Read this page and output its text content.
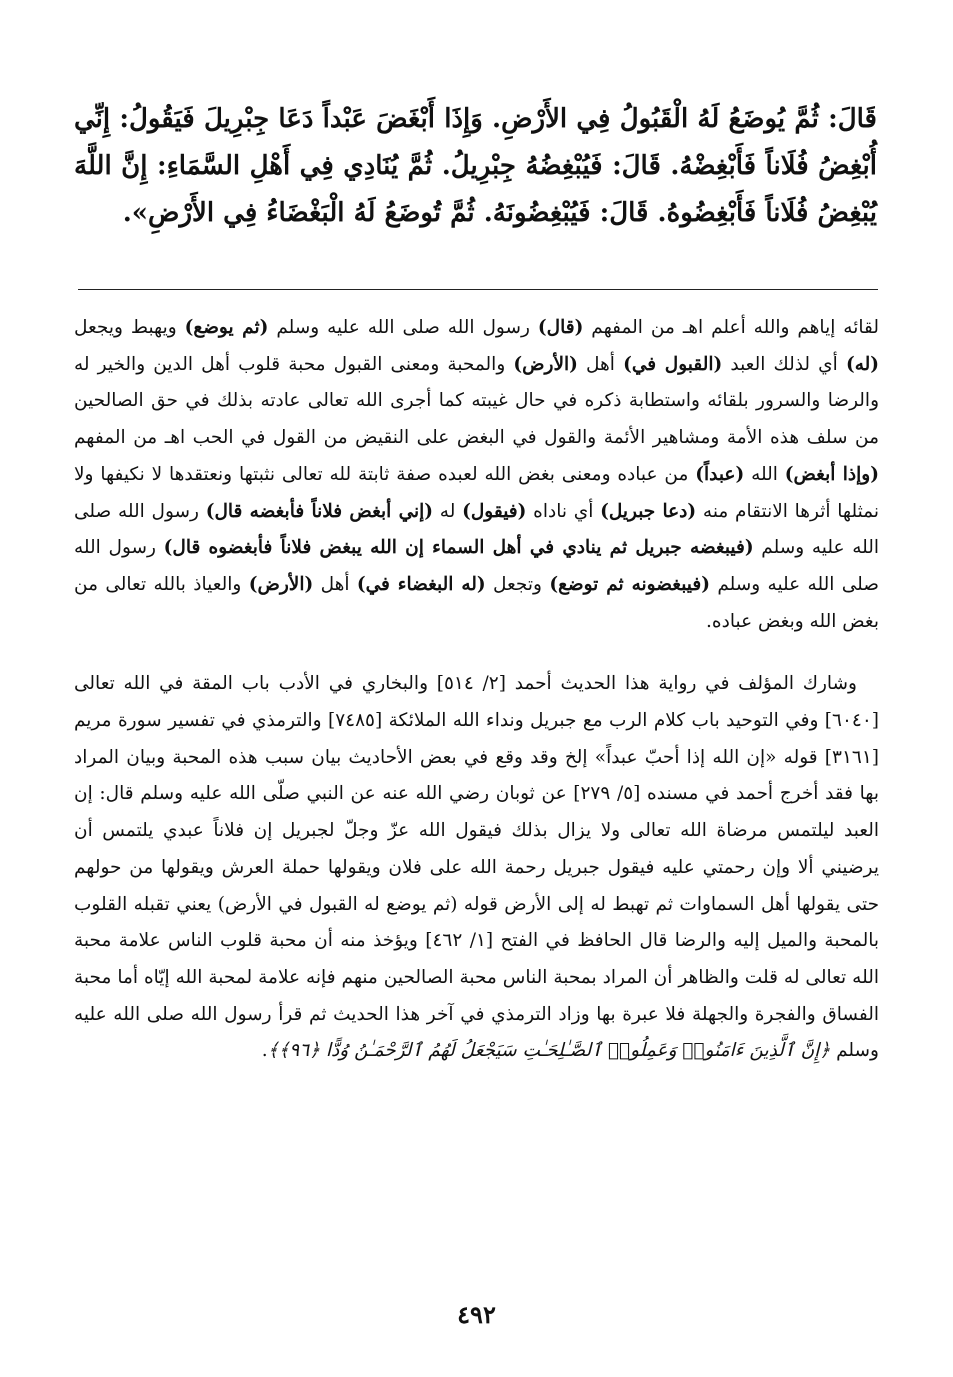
قَالَ: ثُمَّ يُوضَعُ لَهُ الْقَبُولُ فِي الأَرْضِ. وَإِذَا أَبْغَضَ عَبْداً دَعَا جِبْرِيلَ فَيَقُولُ: إِنِّي أُبْغِضُ فُلَاناً فَأَبْغِضْهُ. قَالَ: فَيُبْغِضُهُ جِبْرِيلُ. ثُمَّ يُنَادِي فِي أَهْلِ السَّمَاءِ: إِنَّ اللَّهَ يُبْغِضُ فُلَاناً فَأَبْغِضُوهُ. قَالَ: فَيُبْغِضُونَهُ. ثُمَّ تُوضَعُ لَهُ الْبَغْضَاءُ فِي الأَرْضِ».

لقائه إياهم والله أعلم اهـ من المفهم (قال) رسول الله صلى الله عليه وسلم (ثم يوضع) ويهبط ويجعل (له) أي لذلك العبد (القبول في) أهل (الأرض) والمحبة ومعنى القبول محبة قلوب أهل الدين والخير له والرضا والسرور بلقائه واستطابة ذكره في حال غيبته كما أجرى الله تعالى عادته بذلك في حق الصالحين من سلف هذه الأمة ومشاهير الأئمة والقول في البغض على النقيض من القول في الحب اهـ من المفهم (وإذا أبغض) الله (عبداً) من عباده ومعنى بغض الله لعبده صفة ثابتة لله تعالى نثبتها ونعتقدها لا نكيفها ولا نمثلها أثرها الانتقام منه (دعا جبريل) أي ناداه (فيقول) له (إني أبغض فلاناً فأبغضه قال) رسول الله صلى الله عليه وسلم (فيبغضه جبريل ثم ينادي في أهل السماء إن الله يبغض فلاناً فأبغضوه قال) رسول الله صلى الله عليه وسلم (فيبغضونه ثم توضع) وتجعل (له البغضاء في) أهل (الأرض) والعياذ بالله تعالى من بغض الله وبغض عباده.

وشارك المؤلف في رواية هذا الحديث أحمد [٢/ ٥١٤] والبخاري في الأدب باب المقة في الله تعالى [٦٠٤٠] وفي التوحيد باب كلام الرب مع جبريل ونداء الله الملائكة [٧٤٨٥] والترمذي في تفسير سورة مريم [٣١٦١] قوله «إن الله إذا أحبّ عبداً» إلخ وقد وقع في بعض الأحاديث بيان سبب هذه المحبة وبيان المراد بها فقد أخرج أحمد في مسنده [٥/ ٢٧٩] عن ثوبان رضي الله عنه عن النبي صلّى الله عليه وسلم قال: إن العبد ليلتمس مرضاة الله تعالى ولا يزال بذلك فيقول الله عزّ وجلّ لجبريل إن فلاناً عبدي يلتمس أن يرضيني ألا وإن رحمتي عليه فيقول جبريل رحمة الله على فلان ويقولها حملة العرش ويقولها من حولهم حتى يقولها أهل السماوات ثم تهبط له إلى الأرض قوله (ثم يوضع له القبول في الأرض) يعني تقبله القلوب بالمحبة والميل إليه والرضا قال الحافظ في الفتح [١/ ٤٦٢] ويؤخذ منه أن محبة قلوب الناس علامة محبة الله تعالى له قلت والظاهر أن المراد بمحبة الناس محبة الصالحين منهم فإنه علامة لمحبة الله إيّاه أما محبة الفساق والفجرة والجهلة فلا عبرة بها وزاد الترمذي في آخر هذا الحديث ثم قرأ رسول الله صلى الله عليه وسلم ﴿إِنَّ ٱلَّذِينَ ءَامَنُوا۟ وَعَمِلُوا۟ ٱلصَّـٰلِحَـٰتِ سَيَجْعَلُ لَهُمُ ٱلرَّحْمَـٰنُ وُدًّا ﴿٩٦﴾﴾.

٤٩٢
